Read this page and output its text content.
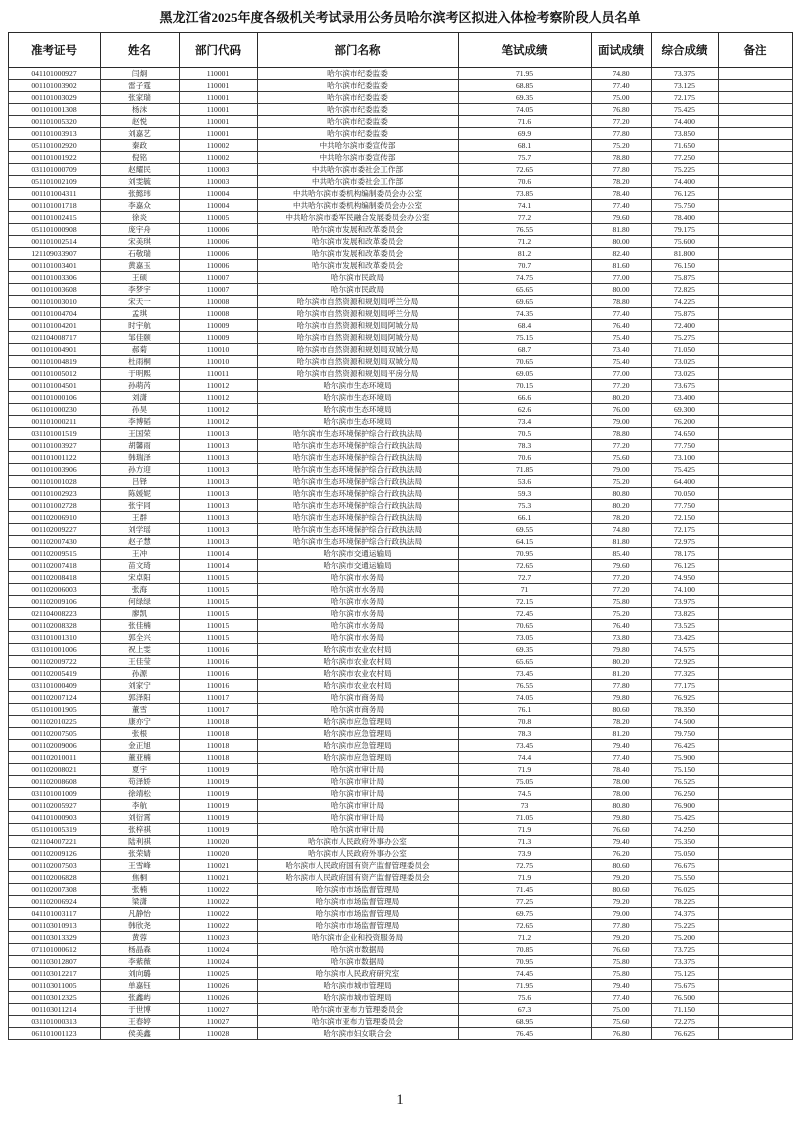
黑龙江省2025年度各级机关考试录用公务员哈尔滨考区拟进入体检考察阶段人员名单
准考证号	姓名	部门代码	部门名称	笔试成绩	面试成绩	综合成绩	备注
041101000927	闫炯	110001	哈尔滨市纪委监委	71.95	74.80	73.375	
001101003902	雷子霆	110001	哈尔滨市纪委监委	68.85	77.40	73.125	
001101003029	张家瑞	110001	哈尔滨市纪委监委	69.35	75.00	72.175	
001101001308	杨沫	110001	哈尔滨市纪委监委	74.05	76.80	75.425	
001101005320	赵悦	110001	哈尔滨市纪委监委	71.6	77.20	74.400	
001101003913	刘嘉艺	110001	哈尔滨市纪委监委	69.9	77.80	73.850	
051101002920	秦政	110002	中共哈尔滨市委宣传部	68.1	75.20	71.650	
001101001922	倪铭	110002	中共哈尔滨市委宣传部	75.7	78.80	77.250	
031101000709	赵耀民	110003	中共哈尔滨市委社会工作部	72.65	77.80	75.225	
051101002109	刘雯毓	110003	中共哈尔滨市委社会工作部	70.6	78.20	74.400	
001101004311	张懿玮	110004	中共哈尔滨市委机构编制委员会办公室	73.85	78.40	76.125	
001101001718	李嘉众	110004	中共哈尔滨市委机构编制委员会办公室	74.1	77.40	75.750	
001101002415	徐炎	110005	中共哈尔滨市委军民融合发展委员会办公室	77.2	79.60	78.400	
051101000908	庞宇舟	110006	哈尔滨市发展和改革委员会	76.55	81.80	79.175	
001101002514	宋美琪	110006	哈尔滨市发展和改革委员会	71.2	80.00	75.600	
121109033907	石敬瑞	110006	哈尔滨市发展和改革委员会	81.2	82.40	81.800	
001101003401	黄嘉玉	110006	哈尔滨市发展和改革委员会	70.7	81.60	76.150	
001101003306	王硕	110007	哈尔滨市民政局	74.75	77.00	75.875	
001101003608	李梦宇	110007	哈尔滨市民政局	65.65	80.00	72.825	
001101003010	宋天一	110008	哈尔滨市自然资源和规划局呼兰分局	69.65	78.80	74.225	
001101004704	孟琪	110008	哈尔滨市自然资源和规划局呼兰分局	74.35	77.40	75.875	
001101004201	时宇航	110009	哈尔滨市自然资源和规划局阿城分局	68.4	76.40	72.400	
021104008717	邹佳颐	110009	哈尔滨市自然资源和规划局阿城分局	75.15	75.40	75.275	
001101004901	郝菊	110010	哈尔滨市自然资源和规划局双城分局	68.7	73.40	71.050	
001101004819	杜雨桐	110010	哈尔滨市自然资源和规划局双城分局	70.65	75.40	73.025	
001101005012	于明熙	110011	哈尔滨市自然资源和规划局平房分局	69.05	77.00	73.025	
001101004501	孙萌芮	110012	哈尔滨市生态环境局	70.15	77.20	73.675	
001101000106	刘潇	110012	哈尔滨市生态环境局	66.6	80.20	73.400	
061101000230	孙昊	110012	哈尔滨市生态环境局	62.6	76.00	69.300	
001101000211	李博韬	110012	哈尔滨市生态环境局	73.4	79.00	76.200	
031101001519	王国荣	110013	哈尔滨市生态环境保护综合行政执法局	70.5	78.80	74.650	
001101003927	胡馨雨	110013	哈尔滨市生态环境保护综合行政执法局	78.3	77.20	77.750	
001101001122	韩瑞泽	110013	哈尔滨市生态环境保护综合行政执法局	70.6	75.60	73.100	
001101003906	孙方迎	110013	哈尔滨市生态环境保护综合行政执法局	71.85	79.00	75.425	
001101001028	吕铎	110013	哈尔滨市生态环境保护综合行政执法局	53.6	75.20	64.400	
001101002923	陈媛妮	110013	哈尔滨市生态环境保护综合行政执法局	59.3	80.80	70.050	
001101002728	张宇同	110013	哈尔滨市生态环境保护综合行政执法局	75.3	80.20	77.750	
001102006910	王群	110013	哈尔滨市生态环境保护综合行政执法局	66.1	78.20	72.150	
001102009227	刘学瑶	110013	哈尔滨市生态环境保护综合行政执法局	69.55	74.80	72.175	
001102007430	赵子慧	110013	哈尔滨市生态环境保护综合行政执法局	64.15	81.80	72.975	
001102009515	王冲	110014	哈尔滨市交通运输局	70.95	85.40	78.175	
001102007418	苗文琦	110014	哈尔滨市交通运输局	72.65	79.60	76.125	
001102008418	宋卓阳	110015	哈尔滨市水务局	72.7	77.20	74.950	
001102006003	张海	110015	哈尔滨市水务局	71	77.20	74.100	
001102009106	何绿绿	110015	哈尔滨市水务局	72.15	75.80	73.975	
021104008223	廖凯	110015	哈尔滨市水务局	72.45	75.20	73.825	
001102008328	张佳楠	110015	哈尔滨市水务局	70.65	76.40	73.525	
031101001310	郭全兴	110015	哈尔滨市水务局	73.05	73.80	73.425	
031101001006	祝上雯	110016	哈尔滨市农业农村局	69.35	79.80	74.575	
001102009722	王佳莹	110016	哈尔滨市农业农村局	65.65	80.20	72.925	
001102005419	孙源	110016	哈尔滨市农业农村局	73.45	81.20	77.325	
031101000409	刘家宁	110016	哈尔滨市农业农村局	76.55	77.80	77.175	
001102007124	郭泽阳	110017	哈尔滨市商务局	74.05	79.80	76.925	
051101001905	董雪	110017	哈尔滨市商务局	76.1	80.60	78.350	
001102010225	康亦宁	110018	哈尔滨市应急管理局	70.8	78.20	74.500	
001102007505	张根	110018	哈尔滨市应急管理局	78.3	81.20	79.750	
001102009006	金正旭	110018	哈尔滨市应急管理局	73.45	79.40	76.425	
001102010011	董亚楠	110018	哈尔滨市应急管理局	74.4	77.40	75.900	
001102008021	夏宇	110019	哈尔滨市审计局	71.9	78.40	75.150	
001102008608	苟泽娇	110019	哈尔滨市审计局	75.05	78.00	76.525	
031101001009	徐靖松	110019	哈尔滨市审计局	74.5	78.00	76.250	
001102005927	李航	110019	哈尔滨市审计局	73	80.80	76.900	
041101000903	刘衍霄	110019	哈尔滨市审计局	71.05	79.80	75.425	
051101005319	张梓祺	110019	哈尔滨市审计局	71.9	76.60	74.250	
021104007221	陆利祺	110020	哈尔滨市人民政府外事办公室	71.3	79.40	75.350	
001102009126	张荣婧	110020	哈尔滨市人民政府外事办公室	73.9	76.20	75.050	
001102007503	王雪峰	110021	哈尔滨市人民政府国有资产监督管理委员会	72.75	80.60	76.675	
001102006828	焦桐	110021	哈尔滨市人民政府国有资产监督管理委员会	71.9	79.20	75.550	
001102007308	张楠	110022	哈尔滨市市场监督管理局	71.45	80.60	76.025	
001102006924	梁潇	110022	哈尔滨市市场监督管理局	77.25	79.20	78.225	
041101003117	凡静怡	110022	哈尔滨市市场监督管理局	69.75	79.00	74.375	
001103010913	韩欣尧	110022	哈尔滨市市场监督管理局	72.65	77.80	75.225	
001103013329	黄蓉	110023	哈尔滨市企业和投资服务局	71.2	79.20	75.200	
071101000612	杨晶森	110024	哈尔滨市数据局	70.85	76.60	73.725	
001103012807	李紫薇	110024	哈尔滨市数据局	70.95	75.80	73.375	
001103012217	刘向璐	110025	哈尔滨市人民政府研究室	74.45	75.80	75.125	
001103011005	单嘉钰	110026	哈尔滨市城市管理局	71.95	79.40	75.675	
001103012325	张鑫屿	110026	哈尔滨市城市管理局	75.6	77.40	76.500	
001103011214	于世博	110027	哈尔滨市亚布力管理委员会	67.3	75.00	71.150	
031101000313	王春婷	110027	哈尔滨市亚布力管理委员会	68.95	75.60	72.275	
061101001123	侯美鑫	110028	哈尔滨市妇女联合会	76.45	76.80	76.625	
1
